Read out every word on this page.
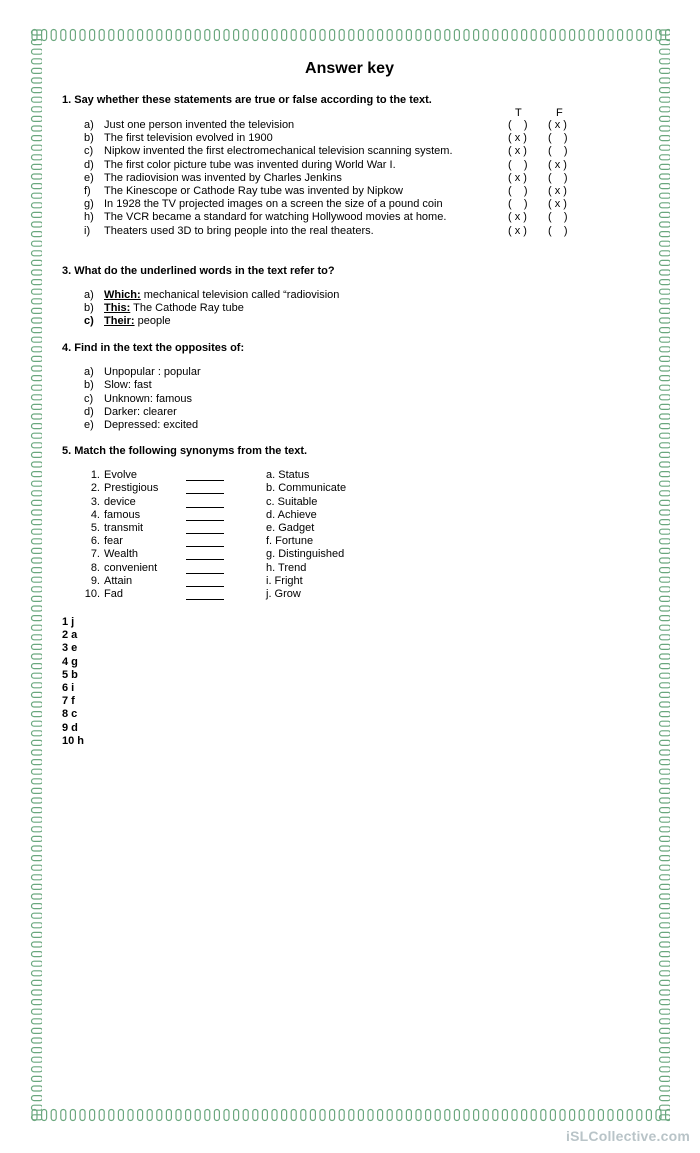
Answer key

1. Say whether these statements are true or false according to the text.

T	F
a) Just one person invented the television	(    ) ( x )
b) The first television evolved in 1900	( x ) (    )
c) Nipkow invented the first electromechanical television scanning system.	( x ) (    )
d) The first color picture tube was invented during World War I.	(    ) ( x )
e) The radiovision was invented by Charles Jenkins	( x ) (    )
f)	The Kinescope or Cathode Ray tube was invented by Nipkow	(    ) ( x )
g) In 1928 the TV projected images on a screen the size of a pound coin	(    ) ( x )
h) The VCR became a standard for watching Hollywood movies at home.	( x ) (    )
i)	Theaters used 3D to bring people into the real theaters.	( x ) (    )

3. What do the underlined words in the text refer to?

a) Which: mechanical television called “radiovision
b) This: The Cathode Ray tube
c) Their: people

4. Find in the text the opposites of:

a) Unpopular : popular
b) Slow: fast
c) Unknown: famous
d) Darker: clearer
e) Depressed: excited

5. Match the following synonyms from the text.

1. Evolve	a. Status
2. Prestigious	b. Communicate
3. device	c. Suitable
4. famous	d. Achieve
5. transmit	e. Gadget
6. fear	f. Fortune
7. Wealth	g. Distinguished
8. convenient	h. Trend
9. Attain	i. Fright
10. Fad	j. Grow
1 j
2 a
3 e
4 g
5 b
6 i
7 f
8 c
9 d
10 h
iSLCollective.com
